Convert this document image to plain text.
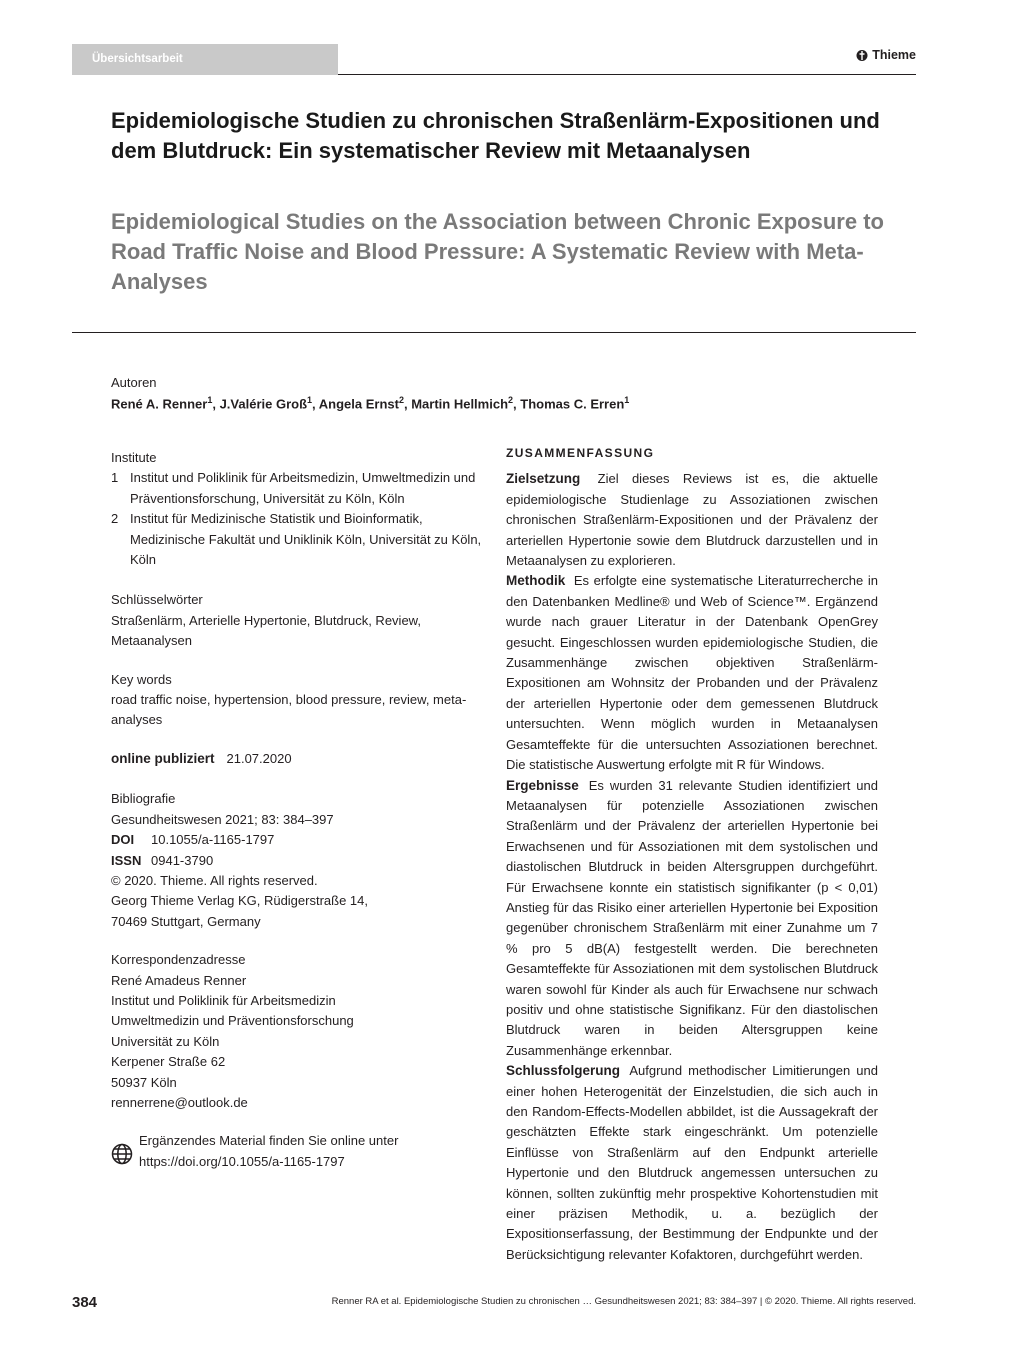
Übersichtsarbeit	Thieme
Epidemiologische Studien zu chronischen Straßenlärm-Expositionen und dem Blutdruck: Ein systematischer Review mit Metaanalysen
Epidemiological Studies on the Association between Chronic Exposure to Road Traffic Noise and Blood Pressure: A Systematic Review with Meta-Analyses
Autoren
René A. Renner$^1$, J.Valérie Groß$^1$, Angela Ernst$^2$, Martin Hellmich$^2$, Thomas C. Erren$^1$
Institute
1 Institut und Poliklinik für Arbeitsmedizin, Umweltmedizin und Präventionsforschung, Universität zu Köln, Köln
2 Institut für Medizinische Statistik und Bioinformatik, Medizinische Fakultät und Uniklinik Köln, Universität zu Köln, Köln
Schlüsselwörter
Straßenlärm, Arterielle Hypertonie, Blutdruck, Review, Metaanalysen
Key words
road traffic noise, hypertension, blood pressure, review, meta-analyses
online publiziert 21.07.2020
Bibliografie
Gesundheitswesen 2021; 83: 384–397
DOI 10.1055/a-1165-1797
ISSN 0941-3790
© 2020. Thieme. All rights reserved.
Georg Thieme Verlag KG, Rüdigerstraße 14,
70469 Stuttgart, Germany
Korrespondenzadresse
René Amadeus Renner
Institut und Poliklinik für Arbeitsmedizin
Umweltmedizin und Präventionsforschung
Universität zu Köln
Kerpener Straße 62
50937 Köln
rennerrene@outlook.de
Ergänzendes Material finden Sie online unter
https://doi.org/10.1055/a-1165-1797
ZUSAMMENFASSUNG

Zielsetzung Ziel dieses Reviews ist es, die aktuelle epidemiologische Studienlage zu Assoziationen zwischen chronischen Straßenlärm-Expositionen und der Prävalenz der arteriellen Hypertonie sowie dem Blutdruck darzustellen und in Metaanalysen zu explorieren.

Methodik Es erfolgte eine systematische Literaturrecherche in den Datenbanken Medline® und Web of Science™. Ergänzend wurde nach grauer Literatur in der Datenbank OpenGrey gesucht. Eingeschlossen wurden epidemiologische Studien, die Zusammenhänge zwischen objektiven Straßenlärm-Expositionen am Wohnsitz der Probanden und der Prävalenz der arteriellen Hypertonie oder dem gemessenen Blutdruck untersuchten. Wenn möglich wurden in Metaanalysen Gesamteffekte für die untersuchten Assoziationen berechnet. Die statistische Auswertung erfolgte mit R für Windows.

Ergebnisse Es wurden 31 relevante Studien identifiziert und Metaanalysen für potenzielle Assoziationen zwischen Straßenlärm und der Prävalenz der arteriellen Hypertonie bei Erwachsenen und für Assoziationen mit dem systolischen und diastolischen Blutdruck in beiden Altersgruppen durchgeführt. Für Erwachsene konnte ein statistisch signifikanter (p < 0,01) Anstieg für das Risiko einer arteriellen Hypertonie bei Exposition gegenüber chronischem Straßenlärm mit einer Zunahme um 7 % pro 5 dB(A) festgestellt werden. Die berechneten Gesamteffekte für Assoziationen mit dem systolischen Blutdruck waren sowohl für Kinder als auch für Erwachsene nur schwach positiv und ohne statistische Signifikanz. Für den diastolischen Blutdruck waren in beiden Altersgruppen keine Zusammenhänge erkennbar.

Schlussfolgerung Aufgrund methodischer Limitierungen und einer hohen Heterogenität der Einzelstudien, die sich auch in den Random-Effects-Modellen abbildet, ist die Aussagekraft der geschätzten Effekte stark eingeschränkt. Um potenzielle Einflüsse von Straßenlärm auf den Endpunkt arterielle Hypertonie und den Blutdruck angemessen untersuchen zu können, sollten zukünftig mehr prospektive Kohortenstudien mit einer präzisen Methodik, u. a. bezüglich der Expositionserfassung, der Bestimmung der Endpunkte und der Berücksichtigung relevanter Kofaktoren, durchgeführt werden.

384	Renner RA et al. Epidemiologische Studien zu chronischen … Gesundheitswesen 2021; 83: 384–397 | © 2020. Thieme. All rights reserved.
